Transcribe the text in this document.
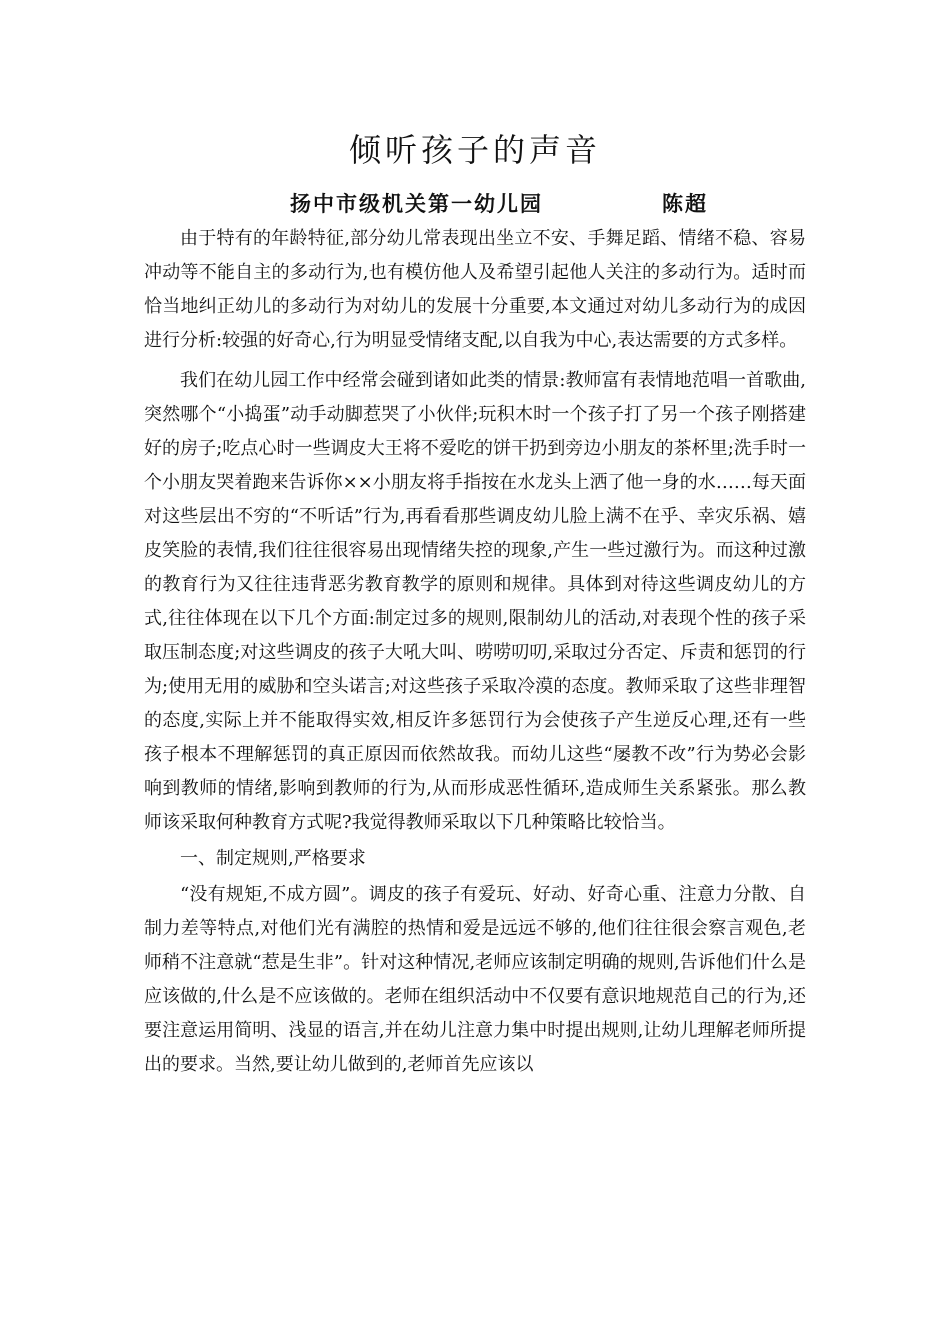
倾听孩子的声音
扬中市级机关第一幼儿园	陈超

由于特有的年龄特征,部分幼儿常表现出坐立不安、手舞足蹈、情绪不稳、容易冲动等不能自主的多动行为,也有模仿他人及希望引起他人关注的多动行为。适时而恰当地纠正幼儿的多动行为对幼儿的发展十分重要,本文通过对幼儿多动行为的成因进行分析:较强的好奇心,行为明显受情绪支配,以自我为中心,表达需要的方式多样。

我们在幼儿园工作中经常会碰到诸如此类的情景:教师富有表情地范唱一首歌曲,突然哪个“小捣蛋”动手动脚惹哭了小伙伴;玩积木时一个孩子打了另一个孩子刚搭建好的房子;吃点心时一些调皮大王将不爱吃的饼干扔到旁边小朋友的茶杯里;洗手时一个小朋友哭着跑来告诉你××小朋友将手指按在水龙头上洒了他一身的水……每天面对这些层出不穷的“不听话”行为,再看看那些调皮幼儿脸上满不在乎、幸灾乐祸、嬉皮笑脸的表情,我们往往很容易出现情绪失控的现象,产生一些过激行为。而这种过激的教育行为又往往违背恶劣教育教学的原则和规律。具体到对待这些调皮幼儿的方式,往往体现在以下几个方面:制定过多的规则,限制幼儿的活动,对表现个性的孩子采取压制态度;对这些调皮的孩子大吼大叫、唠唠叨叨,采取过分否定、斥责和惩罚的行为;使用无用的威胁和空头诺言;对这些孩子采取冷漠的态度。教师采取了这些非理智的态度,实际上并不能取得实效,相反许多惩罚行为会使孩子产生逆反心理,还有一些孩子根本不理解惩罚的真正原因而依然故我。而幼儿这些“屡教不改”行为势必会影响到教师的情绪,影响到教师的行为,从而形成恶性循环,造成师生关系紧张。那么教师该采取何种教育方式呢?我觉得教师采取以下几种策略比较恰当。

一、制定规则,严格要求

“没有规矩,不成方圆”。调皮的孩子有爱玩、好动、好奇心重、注意力分散、自制力差等特点,对他们光有满腔的热情和爱是远远不够的,他们往往很会察言观色,老师稍不注意就“惹是生非”。针对这种情况,老师应该制定明确的规则,告诉他们什么是应该做的,什么是不应该做的。老师在组织活动中不仅要有意识地规范自己的行为,还要注意运用简明、浅显的语言,并在幼儿注意力集中时提出规则,让幼儿理解老师所提出的要求。当然,要让幼儿做到的,老师首先应该以
